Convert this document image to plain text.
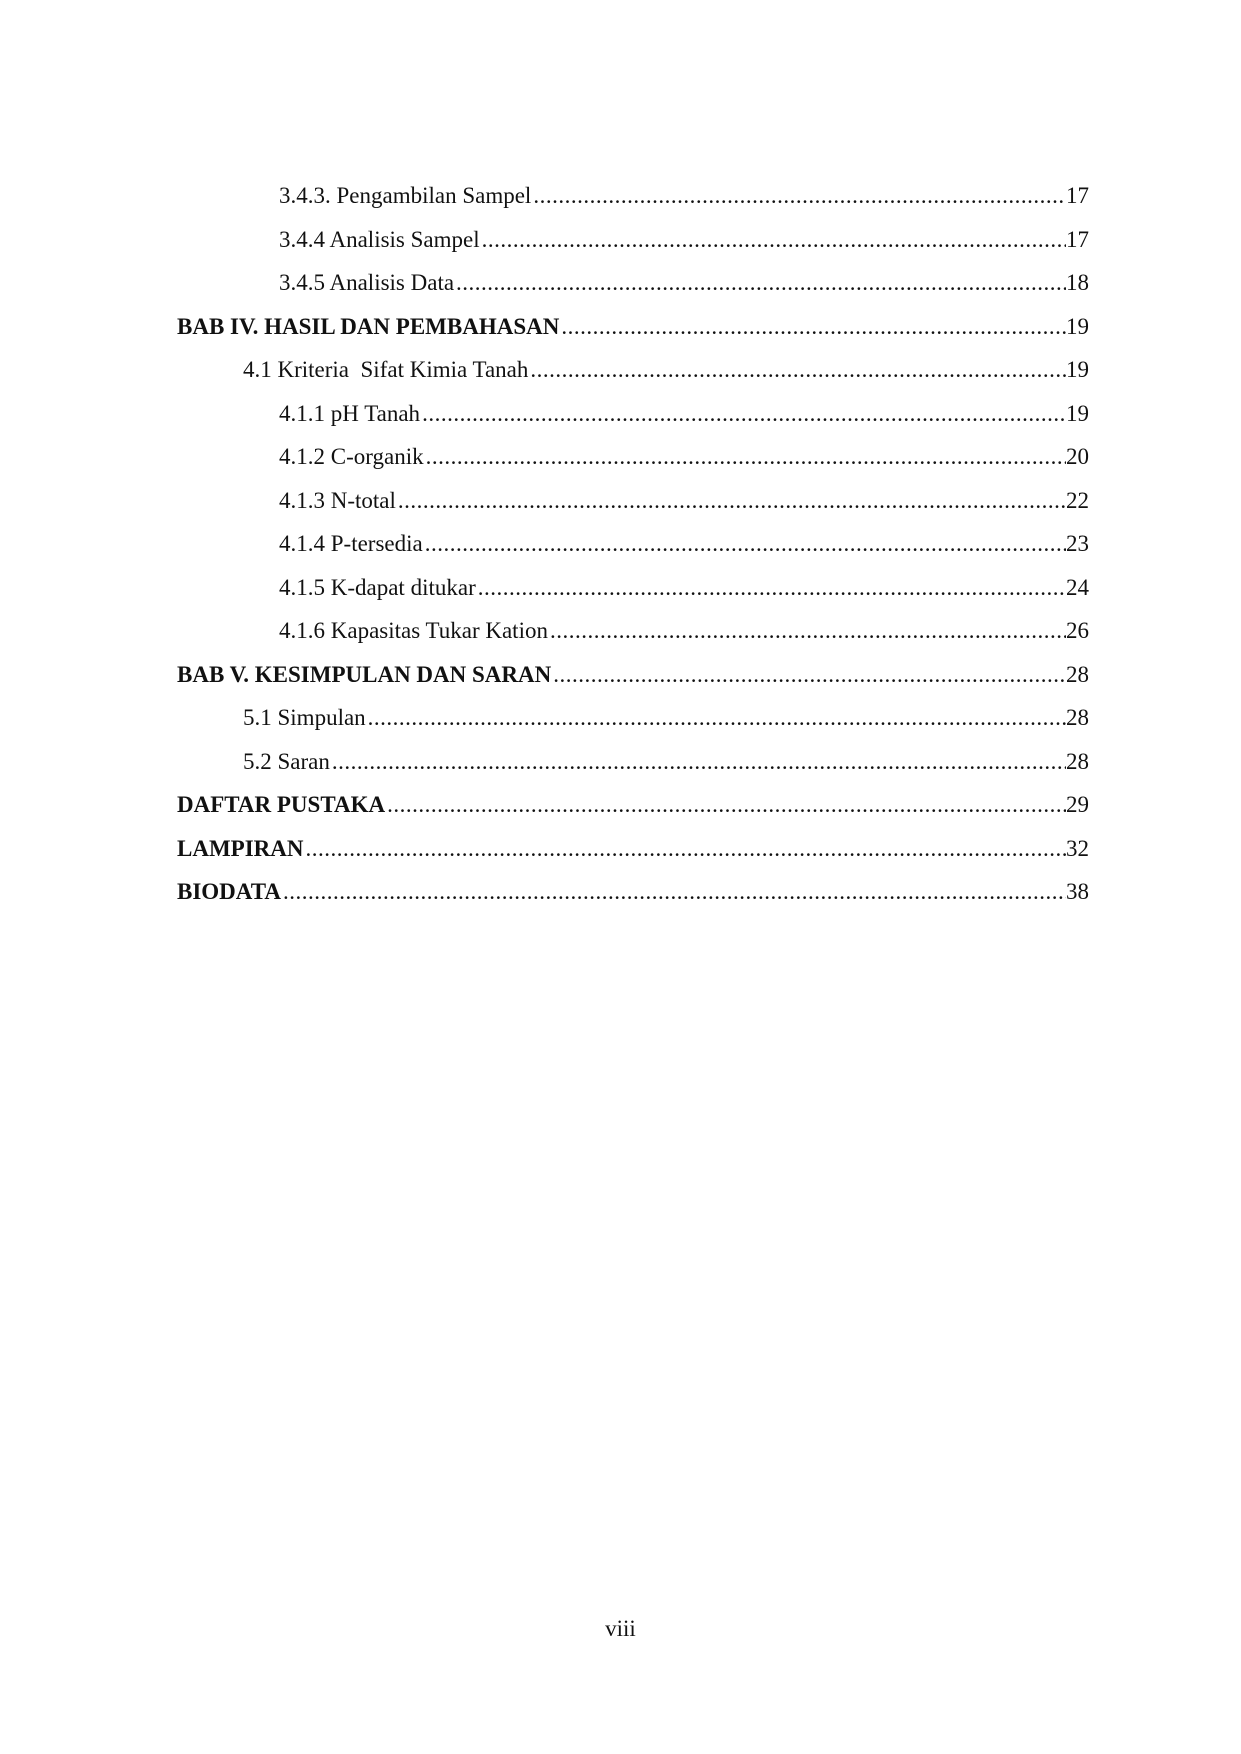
3.4.3. Pengambilan Sampel .....	17
3.4.4 Analisis Sampel .....	17
3.4.5 Analisis Data .....	18
BAB IV. HASIL DAN PEMBAHASAN .....	19
4.1 Kriteria  Sifat Kimia Tanah .....	19
4.1.1 pH Tanah .....	19
4.1.2 C-organik .....	20
4.1.3 N-total .....	22
4.1.4 P-tersedia .....	23
4.1.5 K-dapat ditukar .....	24
4.1.6 Kapasitas Tukar Kation .....	26
BAB V. KESIMPULAN DAN SARAN .....	28
5.1 Simpulan .....	28
5.2 Saran .....	28
DAFTAR PUSTAKA .....	29
LAMPIRAN .....	32
BIODATA .....	38
viii
